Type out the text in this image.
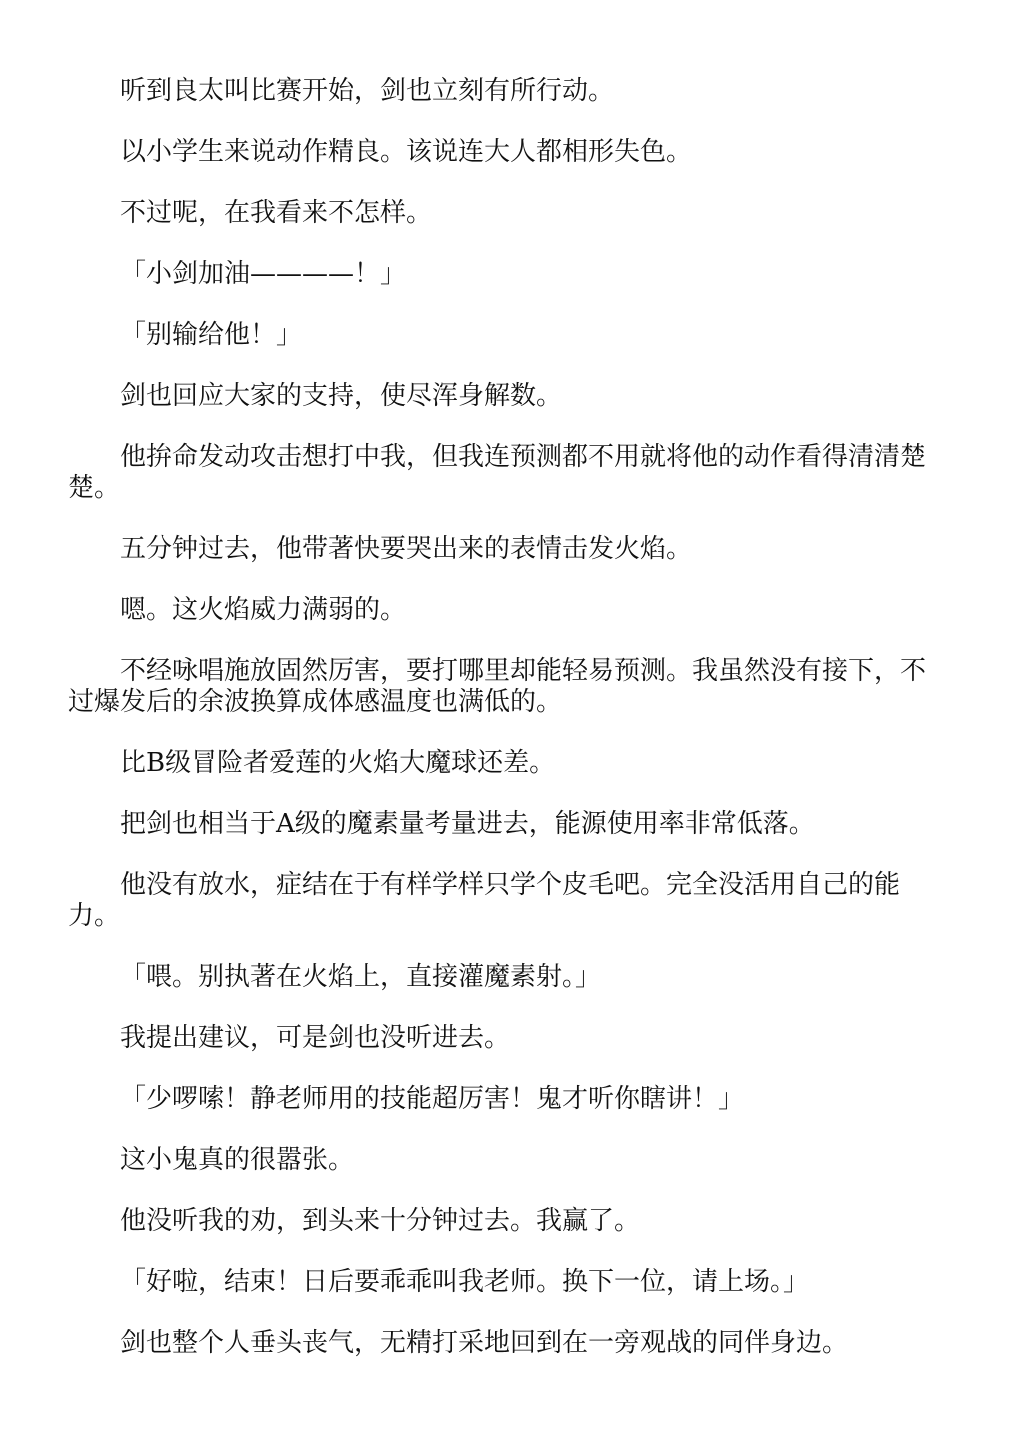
听到良太叫比赛开始，剑也立刻有所行动。

以小学生来说动作精良。该说连大人都相形失色。

不过呢，在我看来不怎样。

「小剑加油————！」

「别输给他！」

剑也回应大家的支持，使尽浑身解数。

他拚命发动攻击想打中我，但我连预测都不用就将他的动作看得清清楚楚。

五分钟过去，他带著快要哭出来的表情击发火焰。

嗯。这火焰威力满弱的。

不经咏唱施放固然厉害，要打哪里却能轻易预测。我虽然没有接下，不过爆发后的余波换算成体感温度也满低的。

比B级冒险者爱莲的火焰大魔球还差。

把剑也相当于A级的魔素量考量进去，能源使用率非常低落。

他没有放水，症结在于有样学样只学个皮毛吧。完全没活用自己的能力。

「喂。别执著在火焰上，直接灌魔素射。」

我提出建议，可是剑也没听进去。

「少啰嗦！静老师用的技能超厉害！鬼才听你瞎讲！」

这小鬼真的很嚣张。

他没听我的劝，到头来十分钟过去。我赢了。

「好啦，结束！日后要乖乖叫我老师。换下一位，请上场。」

剑也整个人垂头丧气，无精打采地回到在一旁观战的同伴身边。
